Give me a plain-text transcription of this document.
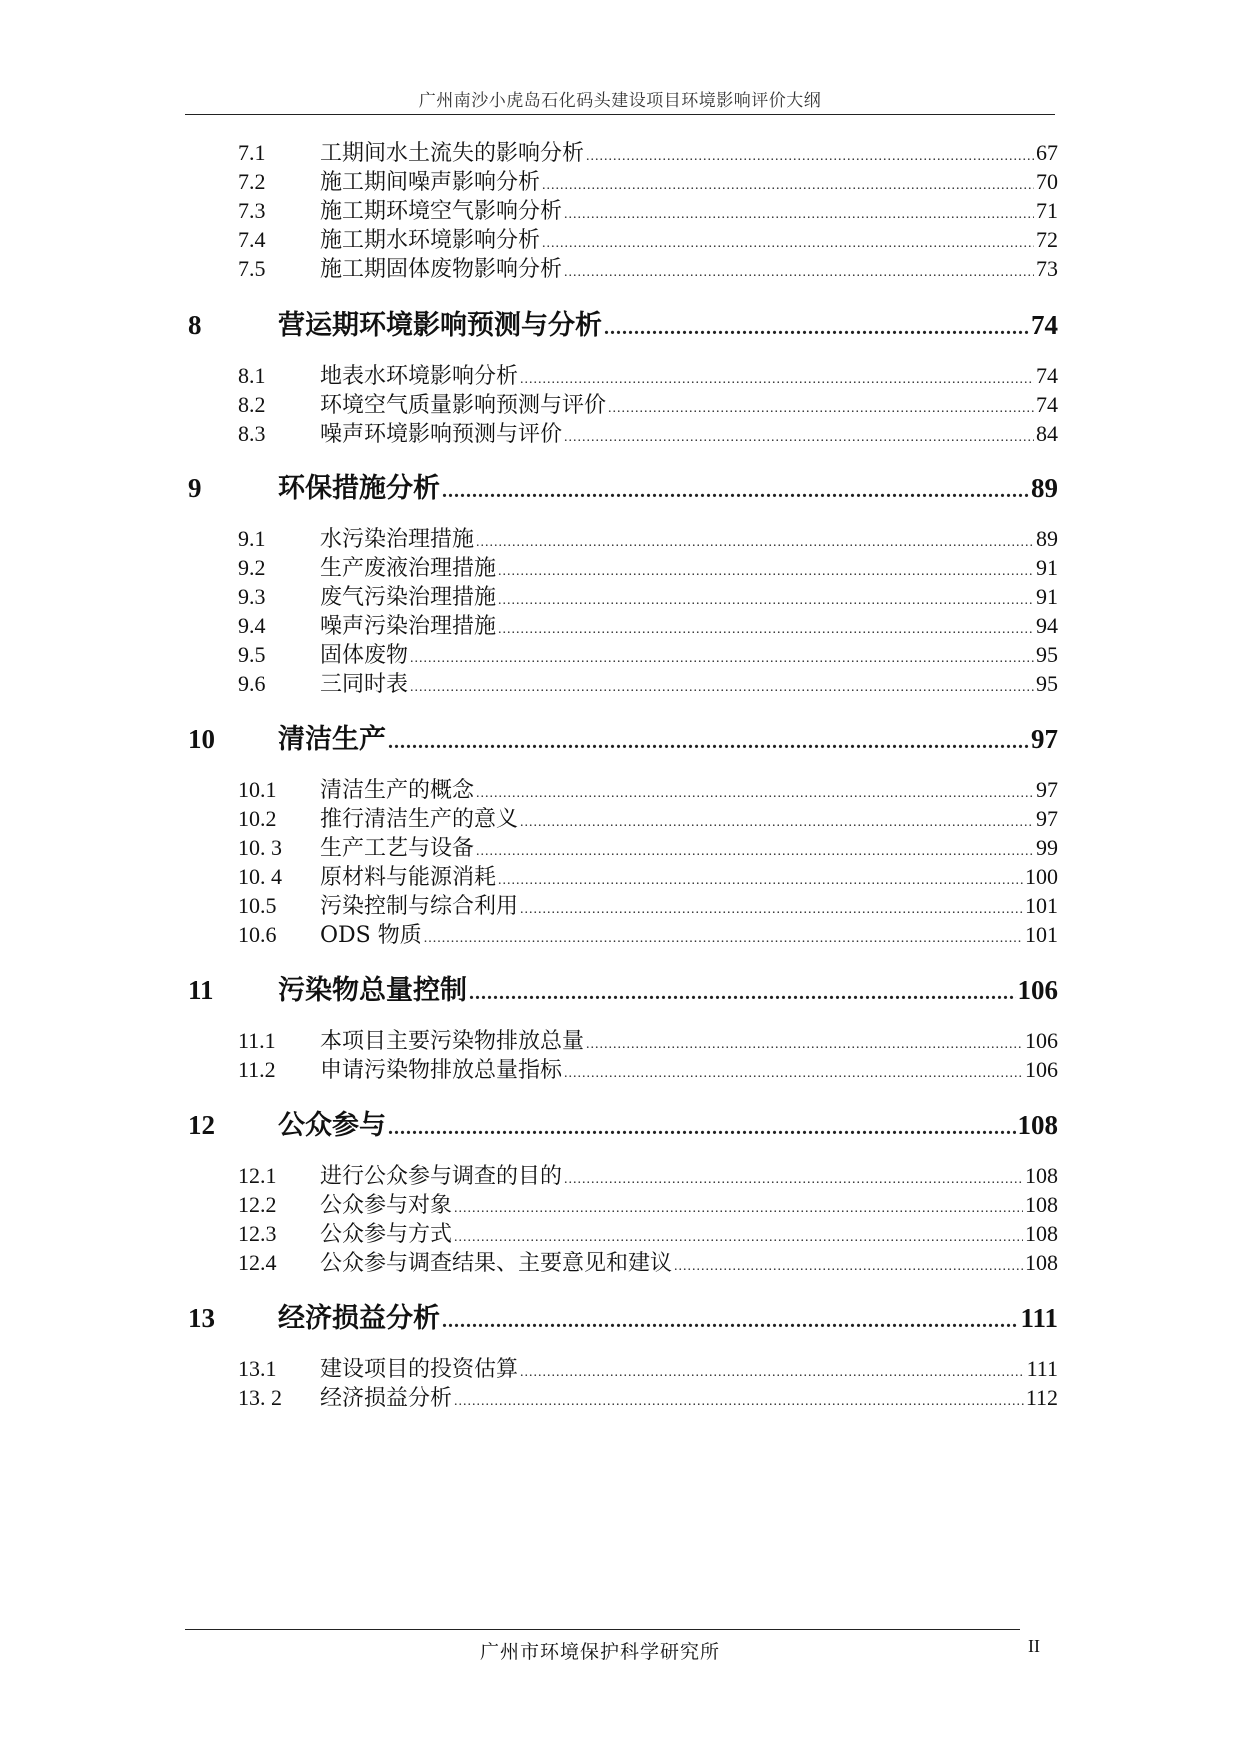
广州南沙小虎岛石化码头建设项目环境影响评价大纲
7.1	工期间水土流失的影响分析 .....	67
7.2	施工期间噪声影响分析 .....	70
7.3	施工期环境空气影响分析 .....	71
7.4	施工期水环境影响分析 .....	72
7.5	施工期固体废物影响分析 .....	73
8	营运期环境影响预测与分析 .....	74
8.1	地表水环境影响分析 .....	74
8.2	环境空气质量影响预测与评价 .....	74
8.3	噪声环境影响预测与评价 .....	84
9	环保措施分析 .....	89
9.1	水污染治理措施 .....	89
9.2	生产废液治理措施 .....	91
9.3	废气污染治理措施 .....	91
9.4	噪声污染治理措施 .....	94
9.5	固体废物 .....	95
9.6	三同时表 .....	95
10	清洁生产 .....	97
10.1	清洁生产的概念 .....	97
10.2	推行清洁生产的意义 .....	97
10. 3	生产工艺与设备 .....	99
10. 4	原材料与能源消耗 .....	100
10.5	污染控制与综合利用 .....	101
10.6	ODS 物质 .....	101
11	污染物总量控制 .....	106
11.1	本项目主要污染物排放总量 .....	106
11.2	申请污染物排放总量指标 .....	106
12	公众参与 .....	108
12.1	进行公众参与调查的目的 .....	108
12.2	公众参与对象 .....	108
12.3	公众参与方式 .....	108
12.4	公众参与调查结果、主要意见和建议 .....	108
13	经济损益分析 .....	111
13.1	建设项目的投资估算 .....	111
13. 2	经济损益分析 .....	112
广州市环境保护科学研究所	II
